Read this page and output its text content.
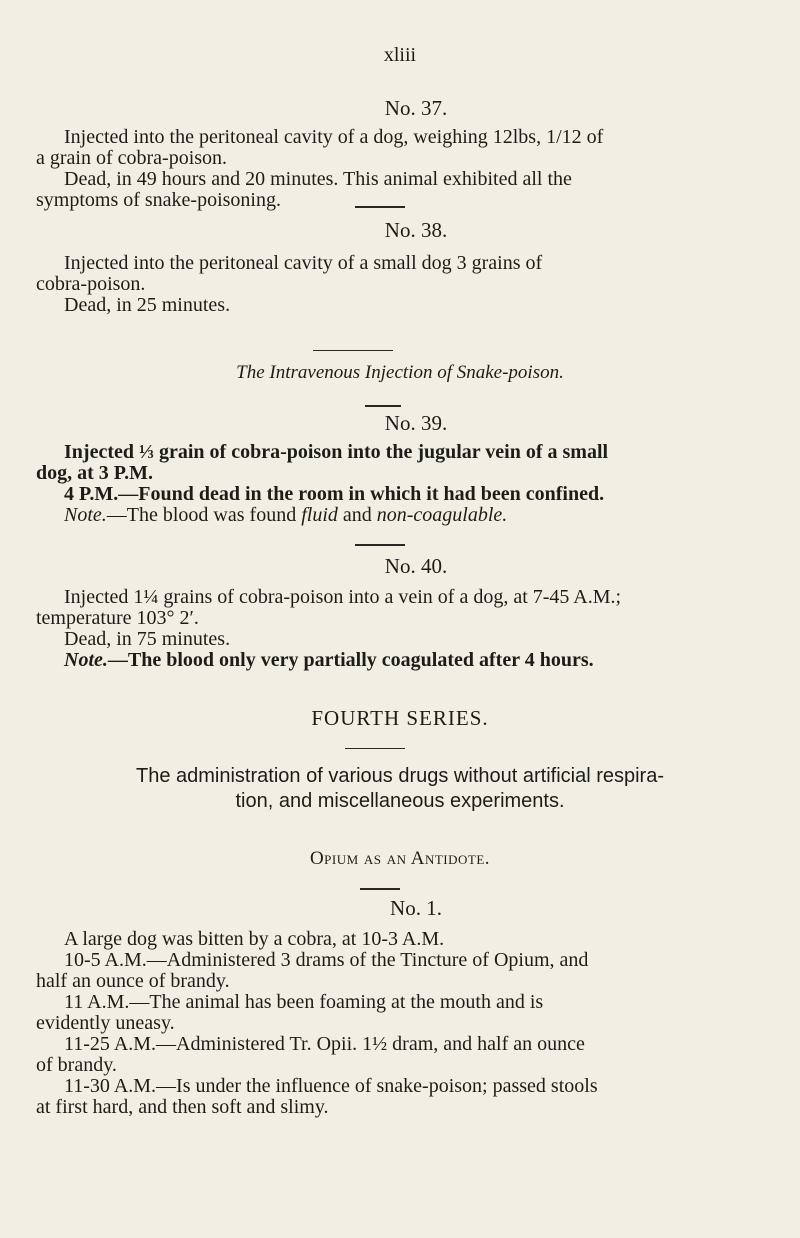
xliii
No. 37.

Injected into the peritoneal cavity of a dog, weighing 12lbs, 1/12 of

a grain of cobra-poison.

Dead, in 49 hours and 20 minutes. This animal exhibited all the

symptoms of snake-poisoning.

No. 38.

Injected into the peritoneal cavity of a small dog 3 grains of

cobra-poison.

Dead, in 25 minutes.

The Intravenous Injection of Snake-poison.
No. 39.

Injected ⅓ grain of cobra-poison into the jugular vein of a small

dog, at 3 P.M.

4 P.M.—Found dead in the room in which it had been confined.

Note.—The blood was found fluid and non-coagulable.

No. 40.

Injected 1¼ grains of cobra-poison into a vein of a dog, at 7-45 A.M.;

temperature 103° 2′.

Dead, in 75 minutes.

Note.—The blood only very partially coagulated after 4 hours.

FOURTH SERIES.
The administration of various drugs without artificial respira-
tion, and miscellaneous experiments.
Opium as an Antidote.
No. 1.

A large dog was bitten by a cobra, at 10-3 A.M.

10-5 A.M.—Administered 3 drams of the Tincture of Opium, and

half an ounce of brandy.

11 A.M.—The animal has been foaming at the mouth and is

evidently uneasy.

11-25 A.M.—Administered Tr. Opii. 1½ dram, and half an ounce

of brandy.

11-30 A.M.—Is under the influence of snake-poison; passed stools

at first hard, and then soft and slimy.
